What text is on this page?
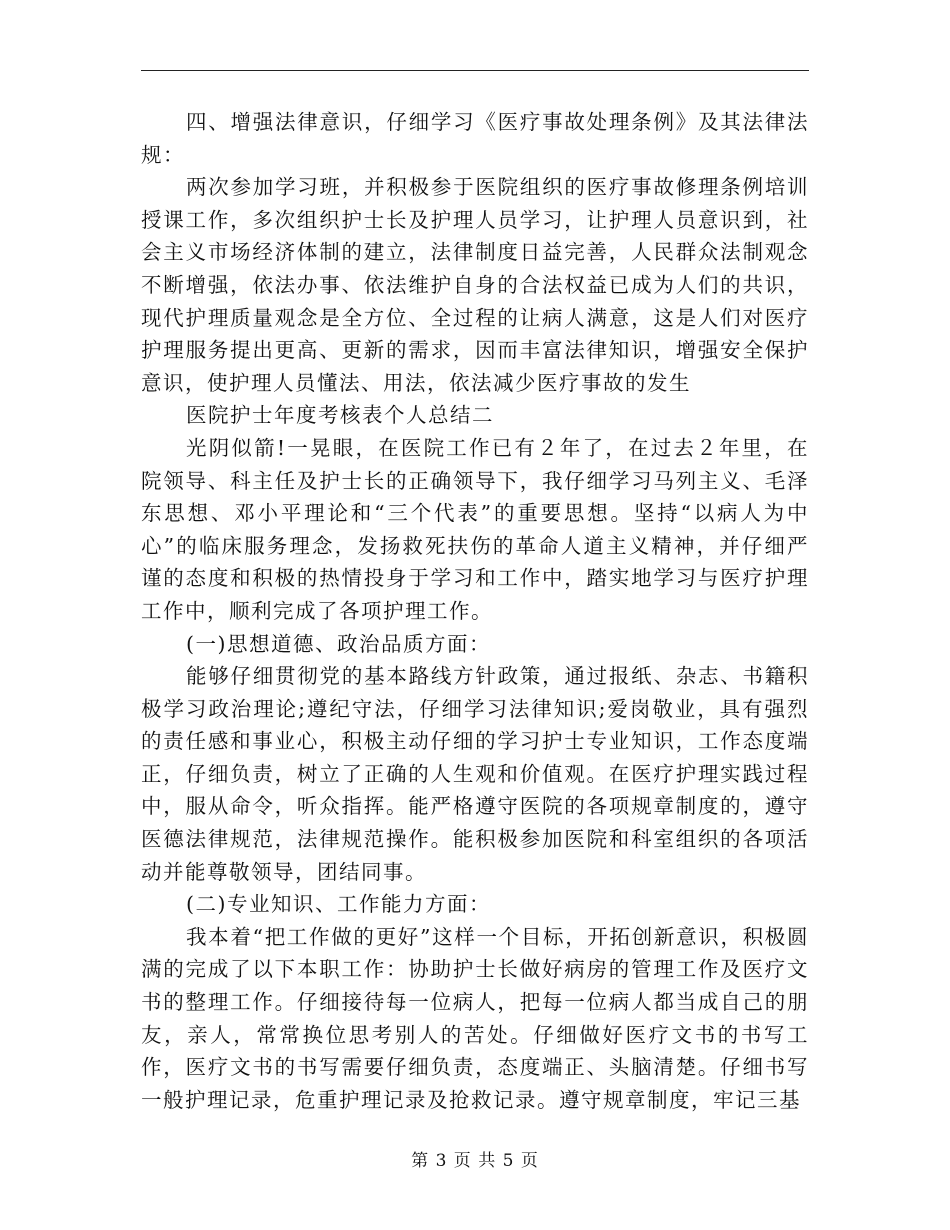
四、增强法律意识，仔细学习《医疗事故处理条例》及其法律法规：

两次参加学习班，并积极参于医院组织的医疗事故修理条例培训授课工作，多次组织护士长及护理人员学习，让护理人员意识到，社会主义市场经济体制的建立，法律制度日益完善，人民群众法制观念不断增强，依法办事、依法维护自身的合法权益已成为人们的共识，现代护理质量观念是全方位、全过程的让病人满意，这是人们对医疗护理服务提出更高、更新的需求，因而丰富法律知识，增强安全保护意识，使护理人员懂法、用法，依法减少医疗事故的发生

医院护士年度考核表个人总结二

光阴似箭!一晃眼，在医院工作已有２年了，在过去２年里，在院领导、科主任及护士长的正确领导下，我仔细学习马列主义、毛泽东思想、邓小平理论和“三个代表”的重要思想。坚持“以病人为中心”的临床服务理念，发扬救死扶伤的革命人道主义精神，并仔细严谨的态度和积极的热情投身于学习和工作中，踏实地学习与医疗护理工作中，顺利完成了各项护理工作。

(一)思想道德、政治品质方面：

能够仔细贯彻党的基本路线方针政策，通过报纸、杂志、书籍积极学习政治理论;遵纪守法，仔细学习法律知识;爱岗敬业，具有强烈的责任感和事业心，积极主动仔细的学习护士专业知识，工作态度端正，仔细负责，树立了正确的人生观和价值观。在医疗护理实践过程中，服从命令，听众指挥。能严格遵守医院的各项规章制度的，遵守医德法律规范，法律规范操作。能积极参加医院和科室组织的各项活动并能尊敬领导，团结同事。

(二)专业知识、工作能力方面：

我本着“把工作做的更好”这样一个目标，开拓创新意识，积极圆满的完成了以下本职工作：协助护士长做好病房的管理工作及医疗文书的整理工作。仔细接待每一位病人，把每一位病人都当成自己的朋友，亲人，常常换位思考别人的苦处。仔细做好医疗文书的书写工作，医疗文书的书写需要仔细负责，态度端正、头脑清楚。仔细书写一般护理记录，危重护理记录及抢救记录。遵守规章制度，牢记三基

第 3 页 共 5 页
